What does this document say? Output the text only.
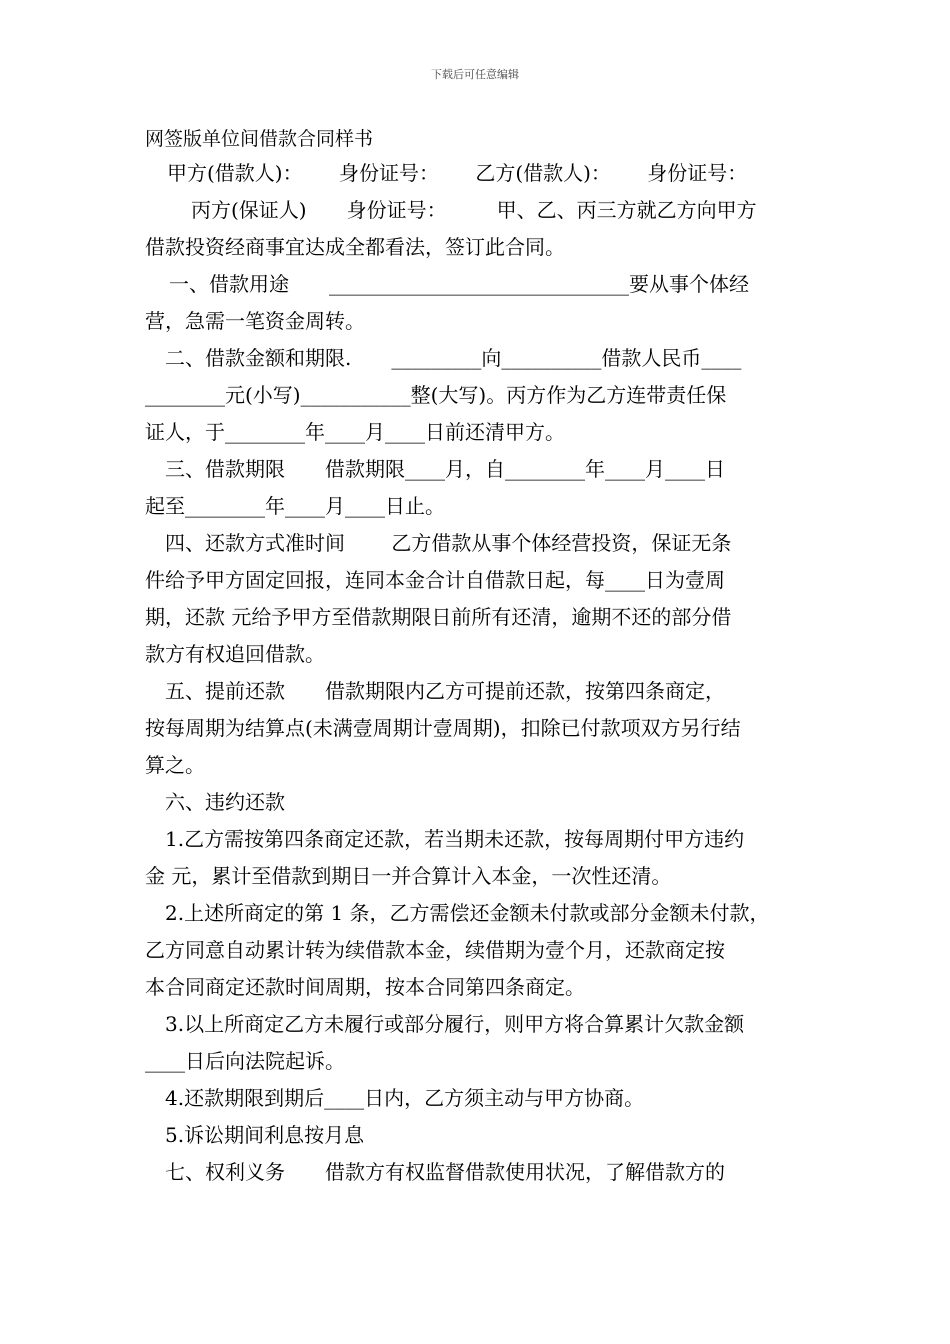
下载后可任意编辑
网签版单位间借款合同样书
甲方(借款人)：　　 身份证号：　　 乙方(借款人)：　　 身份证号：
丙方(保证人)　　身份证号：　　　甲、乙、丙三方就乙方向甲方
借款投资经商事宜达成全都看法，签订此合同。
一、借款用途　　______________________________要从事个体经
营，急需一笔资金周转。
二、借款金额和期限.　　_________向__________借款人民币____
________元(小写)___________整(大写)。丙方作为乙方连带责任保
证人，于________年____月____日前还清甲方。
三、借款期限　　借款期限____月，自________年____月____日
起至________年____月____日止。
四、还款方式准时间　　 乙方借款从事个体经营投资，保证无条
件给予甲方固定回报，连同本金合计自借款日起，每____日为壹周
期，还款 元给予甲方至借款期限日前所有还清，逾期不还的部分借
款方有权追回借款。
五、提前还款　　借款期限内乙方可提前还款，按第四条商定，
按每周期为结算点(未满壹周期计壹周期)，扣除已付款项双方另行结
算之。
六、违约还款
1.乙方需按第四条商定还款，若当期未还款，按每周期付甲方违约
金 元，累计至借款到期日一并合算计入本金，一次性还清。
2.上述所商定的第 1 条，乙方需偿还金额未付款或部分金额未付款，
乙方同意自动累计转为续借款本金，续借期为壹个月，还款商定按
本合同商定还款时间周期，按本合同第四条商定。
3.以上所商定乙方未履行或部分履行，则甲方将合算累计欠款金额
____日后向法院起诉。
4.还款期限到期后____日内，乙方须主动与甲方协商。
5.诉讼期间利息按月息
七、权利义务　　借款方有权监督借款使用状况，了解借款方的
